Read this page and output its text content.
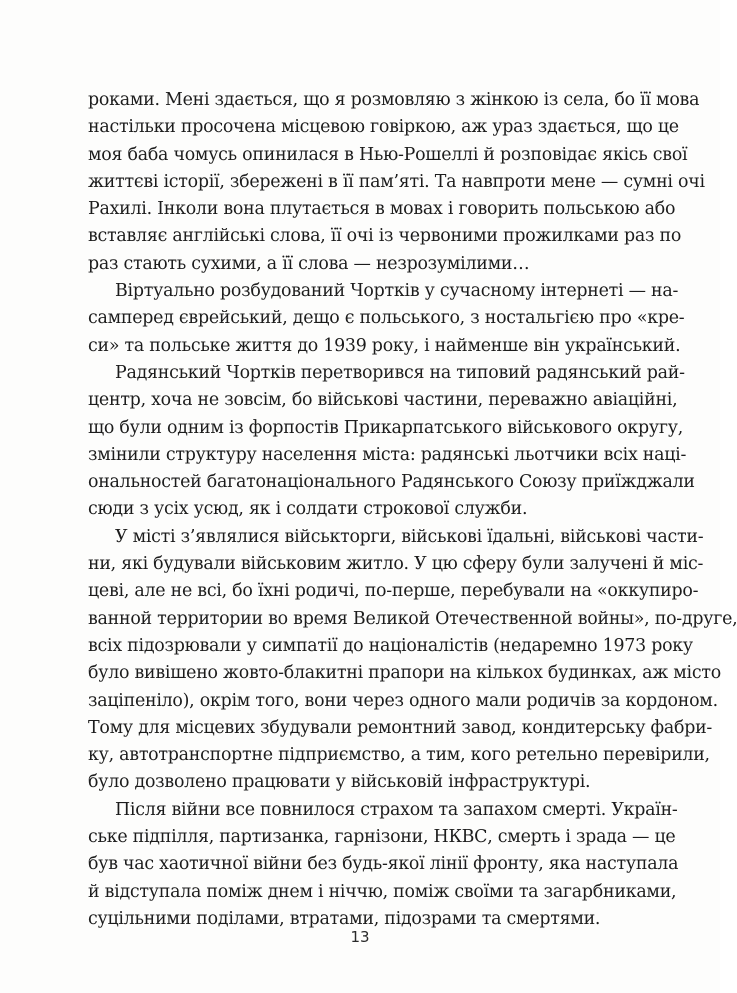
роками. Мені здається, що я розмовляю з жінкою із села, бо її мова
настільки просочена місцевою говіркою, аж ураз здається, що це
моя баба чомусь опинилася в Нью-Рошеллі й розповідає якісь свої
життєві історії, збережені в її пам’яті. Та навпроти мене — сумні очі
Рахилі. Інколи вона плутається в мовах і говорить польською або
вставляє англійські слова, її очі із червоними прожилками раз по
раз стають сухими, а її слова — незрозумілими…
Віртуально розбудований Чортків у сучасному інтернеті — на-
самперед єврейський, дещо є польського, з ностальгією про «кре-
си» та польське життя до 1939 року, і найменше він український.
Радянський Чортків перетворився на типовий радянський рай-
центр, хоча не зовсім, бо військові частини, переважно авіаційні,
що були одним із форпостів Прикарпатського військового округу,
змінили структуру населення міста: радянські льотчики всіх наці-
ональностей багатонаціонального Радянського Союзу приїжджали
сюди з усіх усюд, як і солдати строкової служби.
У місті з’являлися військторги, військові їдальні, військові части-
ни, які будували військовим житло. У цю сферу були залучені й міс-
цеві, але не всі, бо їхні родичі, по-перше, перебували на «оккупиро-
ванной территории во время Великой Отечественной войны», по-друге,
всіх підозрювали у симпатії до націоналістів (недаремно 1973 року
було вивішено жовто-блакитні прапори на кількох будинках, аж місто
заціпеніло), окрім того, вони через одного мали родичів за кордоном.
Тому для місцевих збудували ремонтний завод, кондитерську фабри-
ку, автотранспортне підприємство, а тим, кого ретельно перевірили,
було дозволено працювати у військовій інфраструктурі.
Після війни все повнилося страхом та запахом смерті. Україн-
ське підпілля, партизанка, гарнізони, НКВС, смерть і зрада — це
був час хаотичної війни без будь-якої лінії фронту, яка наступала
й відступала поміж днем і ніччю, поміж своїми та загарбниками,
суцільними поділами, втратами, підозрами та смертями.
13
